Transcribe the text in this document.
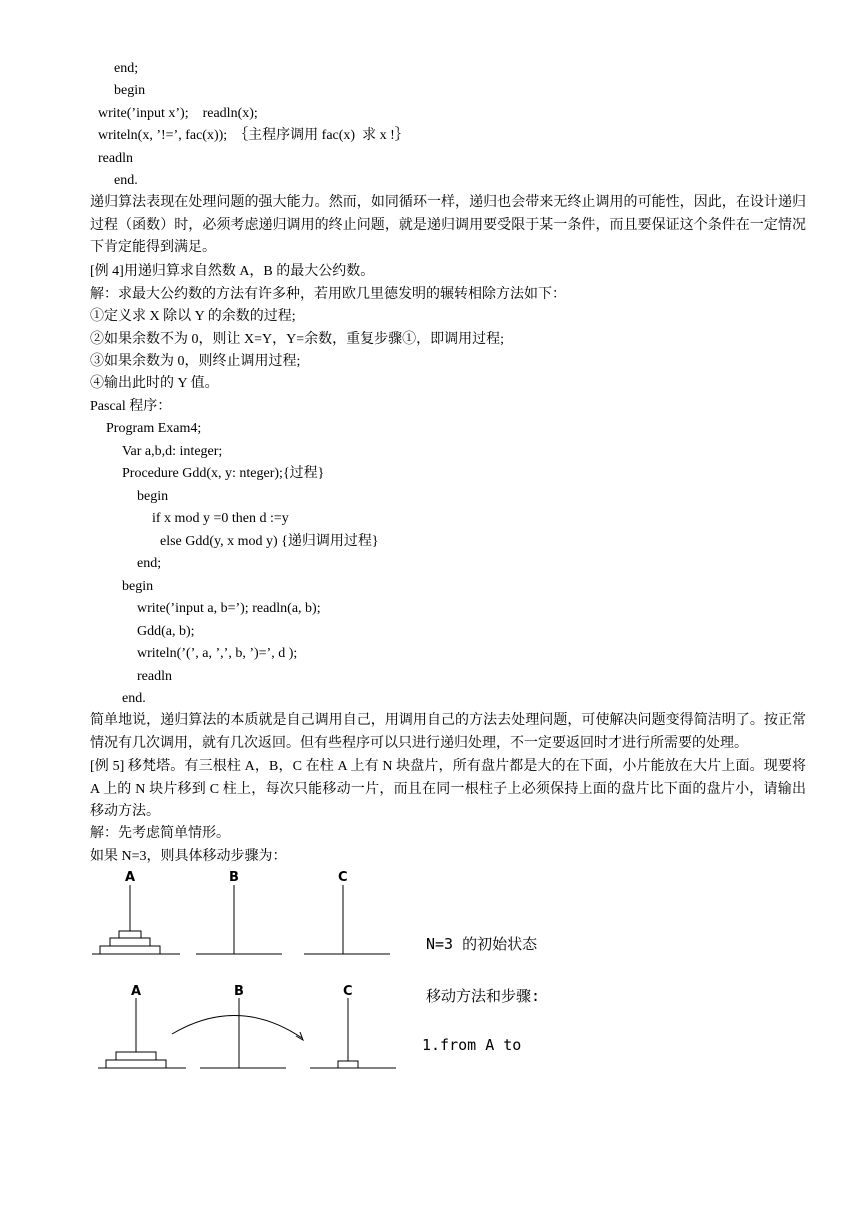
end;
begin
write(’input x’);    readln(x);
writeln(x, ’!=’, fac(x));  ｛主程序调用 fac(x)  求 x !｝
readln
end.
递归算法表现在处理问题的强大能力。然而，如同循环一样，递归也会带来无终止调用的可能性，因此，在设计递归过程（函数）时，必须考虑递归调用的终止问题，就是递归调用要受限于某一条件，而且要保证这个条件在一定情况下肯定能得到满足。
[例 4]用递归算求自然数 A，B 的最大公约数。
解：求最大公约数的方法有许多种，若用欧几里德发明的辗转相除方法如下：
①定义求 X 除以 Y 的余数的过程;
②如果余数不为 0，则让 X=Y，Y=余数，重复步骤①，即调用过程;
③如果余数为 0，则终止调用过程;
④输出此时的 Y 值。
Pascal 程序：
Program Exam4;
Var a,b,d: integer;
Procedure Gdd(x, y: nteger);{过程}
begin
if x mod y =0 then d :=y
else Gdd(y, x mod y) {递归调用过程}
end;
begin
write(’input a, b=’); readln(a, b);
Gdd(a, b);
writeln(’(’, a, ’,’, b, ’)=’, d );
readln
end.
简单地说，递归算法的本质就是自己调用自己，用调用自己的方法去处理问题，可使解决问题变得简洁明了。按正常情况有几次调用，就有几次返回。但有些程序可以只进行递归处理，不一定要返回时才进行所需要的处理。
[例 5] 移梵塔。有三根柱 A，B，C 在柱 A 上有 N 块盘片，所有盘片都是大的在下面，小片能放在大片上面。现要将 A 上的 N 块片移到 C 柱上，每次只能移动一片，而且在同一根柱子上必须保持上面的盘片比下面的盘片小，请输出移动方法。
解：先考虑简单情形。
如果 N=3，则具体移动步骤为：
A	B	C
A	B	C
N=3 的初始状态
移动方法和步骤:
1.from A to
